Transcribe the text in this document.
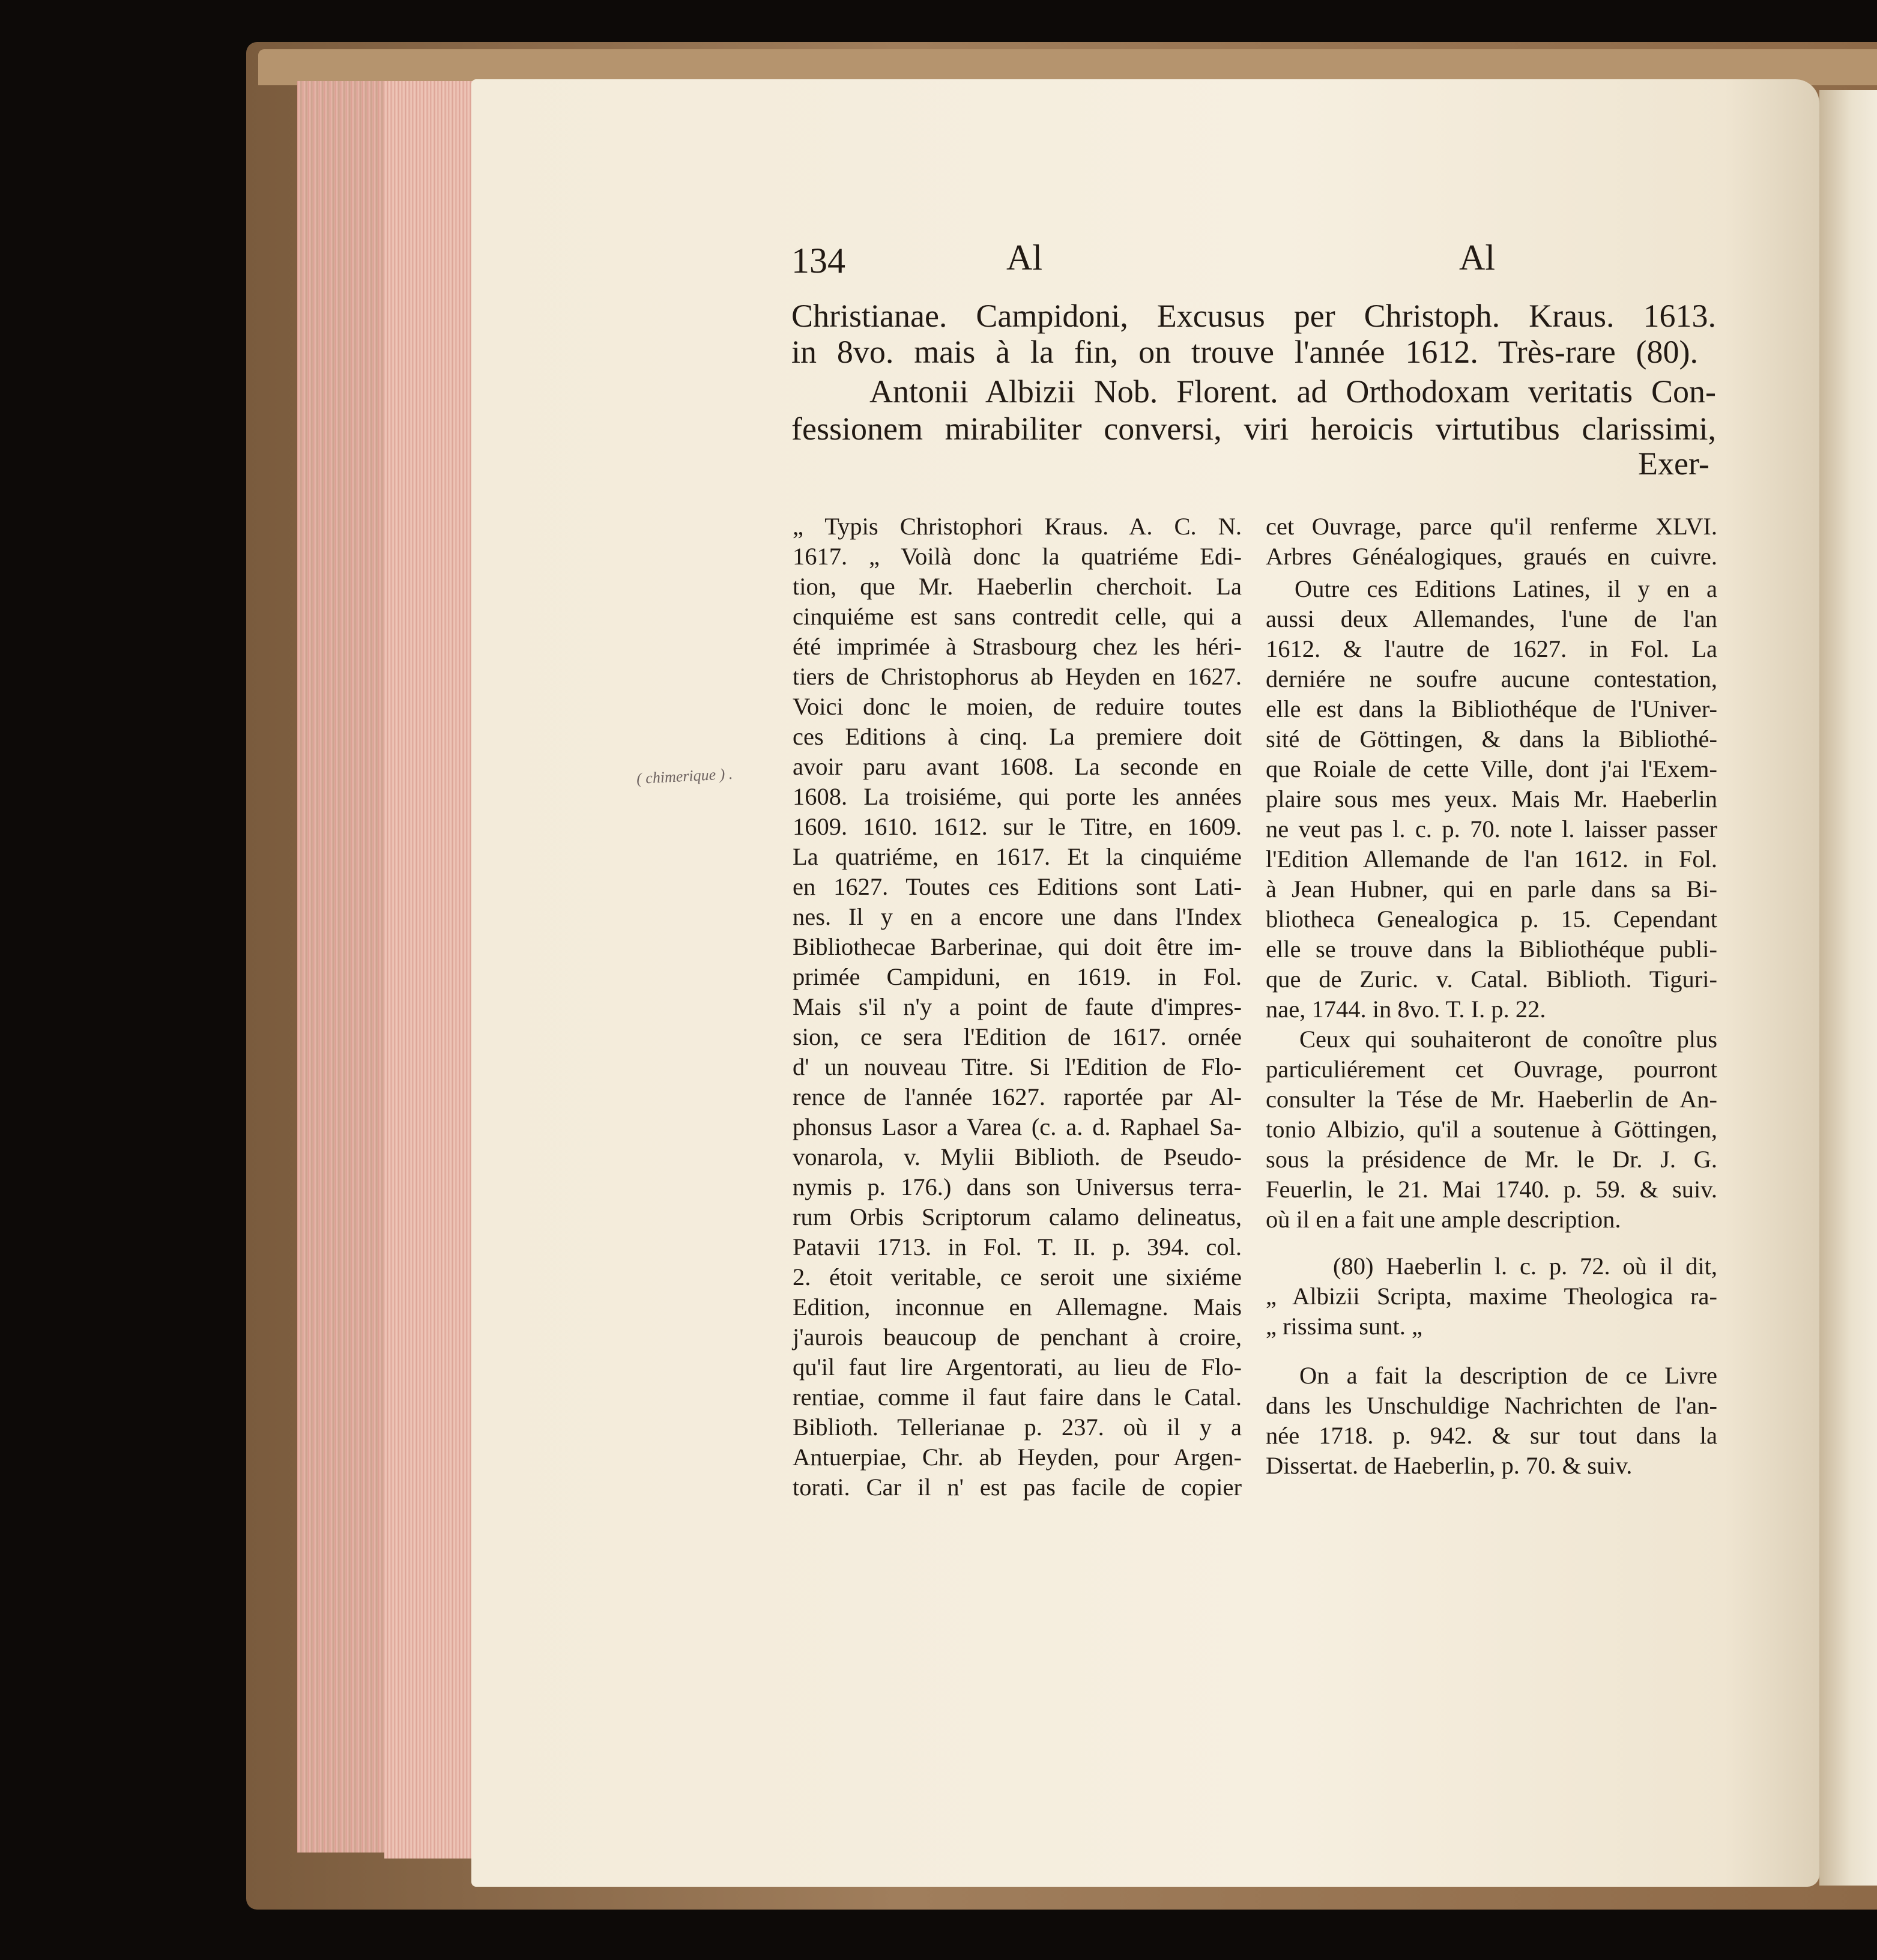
134	Al	Al
Christianae. Campidoni, Excusus per Christoph. Kraus. 1613.
in 8vo. mais à la fin, on trouve l'année 1612. Très-rare (80).
Antonii Albizii Nob. Florent. ad Orthodoxam veritatis Con-
fessionem mirabiliter conversi, viri heroicis virtutibus clarissimi,
Exer-

„ Typis Christophori Kraus. A. C. N.

1617. „ Voilà donc la quatriéme Edi-

tion, que Mr. Haeberlin cherchoit. La

cinquiéme est sans contredit celle, qui a

été imprimée à Strasbourg chez les héri-

tiers de Christophorus ab Heyden en 1627.

Voici donc le moien, de reduire toutes

ces Editions à cinq. La premiere doit

avoir paru avant 1608. La seconde en

1608. La troisiéme, qui porte les années

1609. 1610. 1612. sur le Titre, en 1609.

La quatriéme, en 1617. Et la cinquiéme

en 1627. Toutes ces Editions sont Lati-

nes. Il y en a encore une dans l'Index

Bibliothecae Barberinae, qui doit être im-

primée Campiduni, en 1619. in Fol.

Mais s'il n'y a point de faute d'impres-

sion, ce sera l'Edition de 1617. ornée

d' un nouveau Titre. Si l'Edition de Flo-

rence de l'année 1627. raportée par Al-

phonsus Lasor a Varea (c. a. d. Raphael Sa-

vonarola, v. Mylii Biblioth. de Pseudo-

nymis p. 176.) dans son Universus terra-

rum Orbis Scriptorum calamo delineatus,

Patavii 1713. in Fol. T. II. p. 394. col.

2. étoit veritable, ce seroit une sixiéme

Edition, inconnue en Allemagne. Mais

j'aurois beaucoup de penchant à croire,

qu'il faut lire Argentorati, au lieu de Flo-

rentiae, comme il faut faire dans le Catal.

Biblioth. Tellerianae p. 237. où il y a

Antuerpiae, Chr. ab Heyden, pour Argen-

torati. Car il n' est pas facile de copier

cet Ouvrage, parce qu'il renferme XLVI.

Arbres Généalogiques, graués en cuivre.

Outre ces Editions Latines, il y en a

aussi deux Allemandes, l'une de l'an

1612. & l'autre de 1627. in Fol. La

derniére ne soufre aucune contestation,

elle est dans la Bibliothéque de l'Univer-

sité de Göttingen, & dans la Bibliothé-

que Roiale de cette Ville, dont j'ai l'Exem-

plaire sous mes yeux. Mais Mr. Haeberlin

ne veut pas l. c. p. 70. note l. laisser passer

l'Edition Allemande de l'an 1612. in Fol.

à Jean Hubner, qui en parle dans sa Bi-

bliotheca Genealogica p. 15. Cependant

elle se trouve dans la Bibliothéque publi-

que de Zuric. v. Catal. Biblioth. Tiguri-

nae, 1744. in 8vo. T. I. p. 22.

Ceux qui souhaiteront de conoître plus

particuliérement cet Ouvrage, pourront

consulter la Tése de Mr. Haeberlin de An-

tonio Albizio, qu'il a soutenue à Göttingen,

sous la présidence de Mr. le Dr. J. G.

Feuerlin, le 21. Mai 1740. p. 59. & suiv.

où il en a fait une ample description.

(80) Haeberlin l. c. p. 72. où il dit,

„ Albizii Scripta, maxime Theologica ra-

„ rissima sunt. „

On a fait la description de ce Livre

dans les Unschuldige Nachrichten de l'an-

née 1718. p. 942. & sur tout dans la

Dissertat. de Haeberlin, p. 70. & suiv.

( chimerique ) .
